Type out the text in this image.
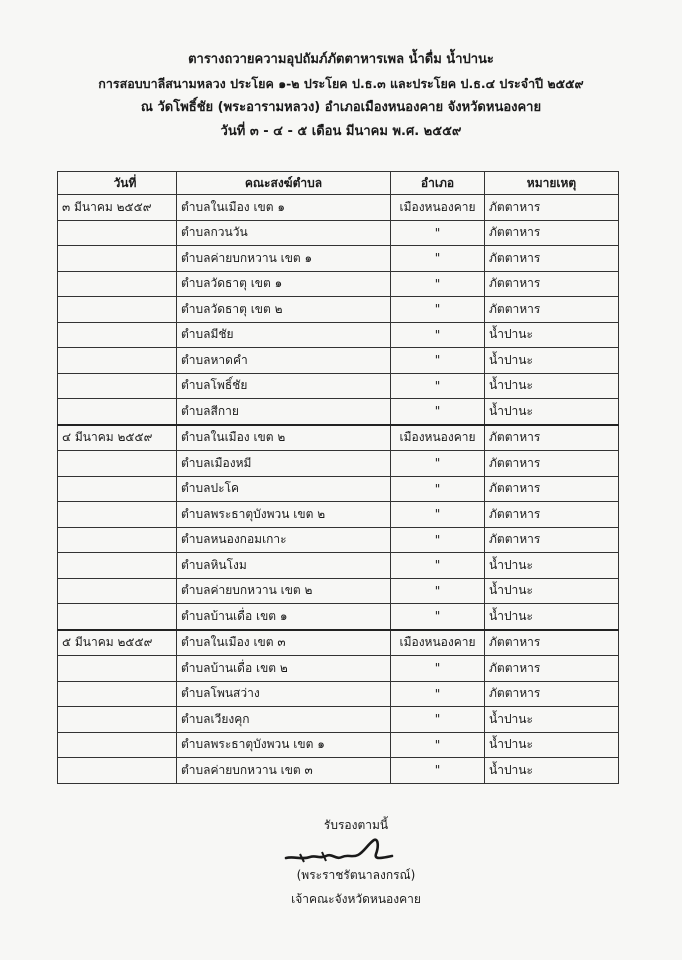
ตารางถวายความอุปถัมภ์ภัตตาหารเพล น้ำดื่ม น้ำปานะ
การสอบบาลีสนามหลวง ประโยค ๑-๒ ประโยค ป.ธ.๓ และประโยค ป.ธ.๔ ประจำปี ๒๕๕๙
ณ วัดโพธิ์ชัย (พระอารามหลวง) อำเภอเมืองหนองคาย จังหวัดหนองคาย
วันที่ ๓ - ๔ - ๕ เดือน มีนาคม พ.ศ. ๒๕๕๙
วันที่	คณะสงฆ์ตำบล	อำเภอ	หมายเหตุ
๓ มีนาคม ๒๕๕๙	ตำบลในเมือง เขต ๑	เมืองหนองคาย	ภัตตาหาร
	ตำบลกวนวัน	"	ภัตตาหาร
	ตำบลค่ายบกหวาน เขต ๑	"	ภัตตาหาร
	ตำบลวัดธาตุ เขต ๑	"	ภัตตาหาร
	ตำบลวัดธาตุ เขต ๒	"	ภัตตาหาร
	ตำบลมีชัย	"	น้ำปานะ
	ตำบลหาดคำ	"	น้ำปานะ
	ตำบลโพธิ์ชัย	"	น้ำปานะ
	ตำบลสีกาย	"	น้ำปานะ
๔ มีนาคม ๒๕๕๙	ตำบลในเมือง เขต ๒	เมืองหนองคาย	ภัตตาหาร
	ตำบลเมืองหมี	"	ภัตตาหาร
	ตำบลปะโค	"	ภัตตาหาร
	ตำบลพระธาตุบังพวน เขต ๒	"	ภัตตาหาร
	ตำบลหนองกอมเกาะ	"	ภัตตาหาร
	ตำบลหินโงม	"	น้ำปานะ
	ตำบลค่ายบกหวาน เขต ๒	"	น้ำปานะ
	ตำบลบ้านเดื่อ เขต ๑	"	น้ำปานะ
๕ มีนาคม ๒๕๕๙	ตำบลในเมือง เขต ๓	เมืองหนองคาย	ภัตตาหาร
	ตำบลบ้านเดื่อ เขต ๒	"	ภัตตาหาร
	ตำบลโพนสว่าง	"	ภัตตาหาร
	ตำบลเวียงคุก	"	น้ำปานะ
	ตำบลพระธาตุบังพวน เขต ๑	"	น้ำปานะ
	ตำบลค่ายบกหวาน เขต ๓	"	น้ำปานะ
รับรองตามนี้
(พระราชรัตนาลงกรณ์)
เจ้าคณะจังหวัดหนองคาย
